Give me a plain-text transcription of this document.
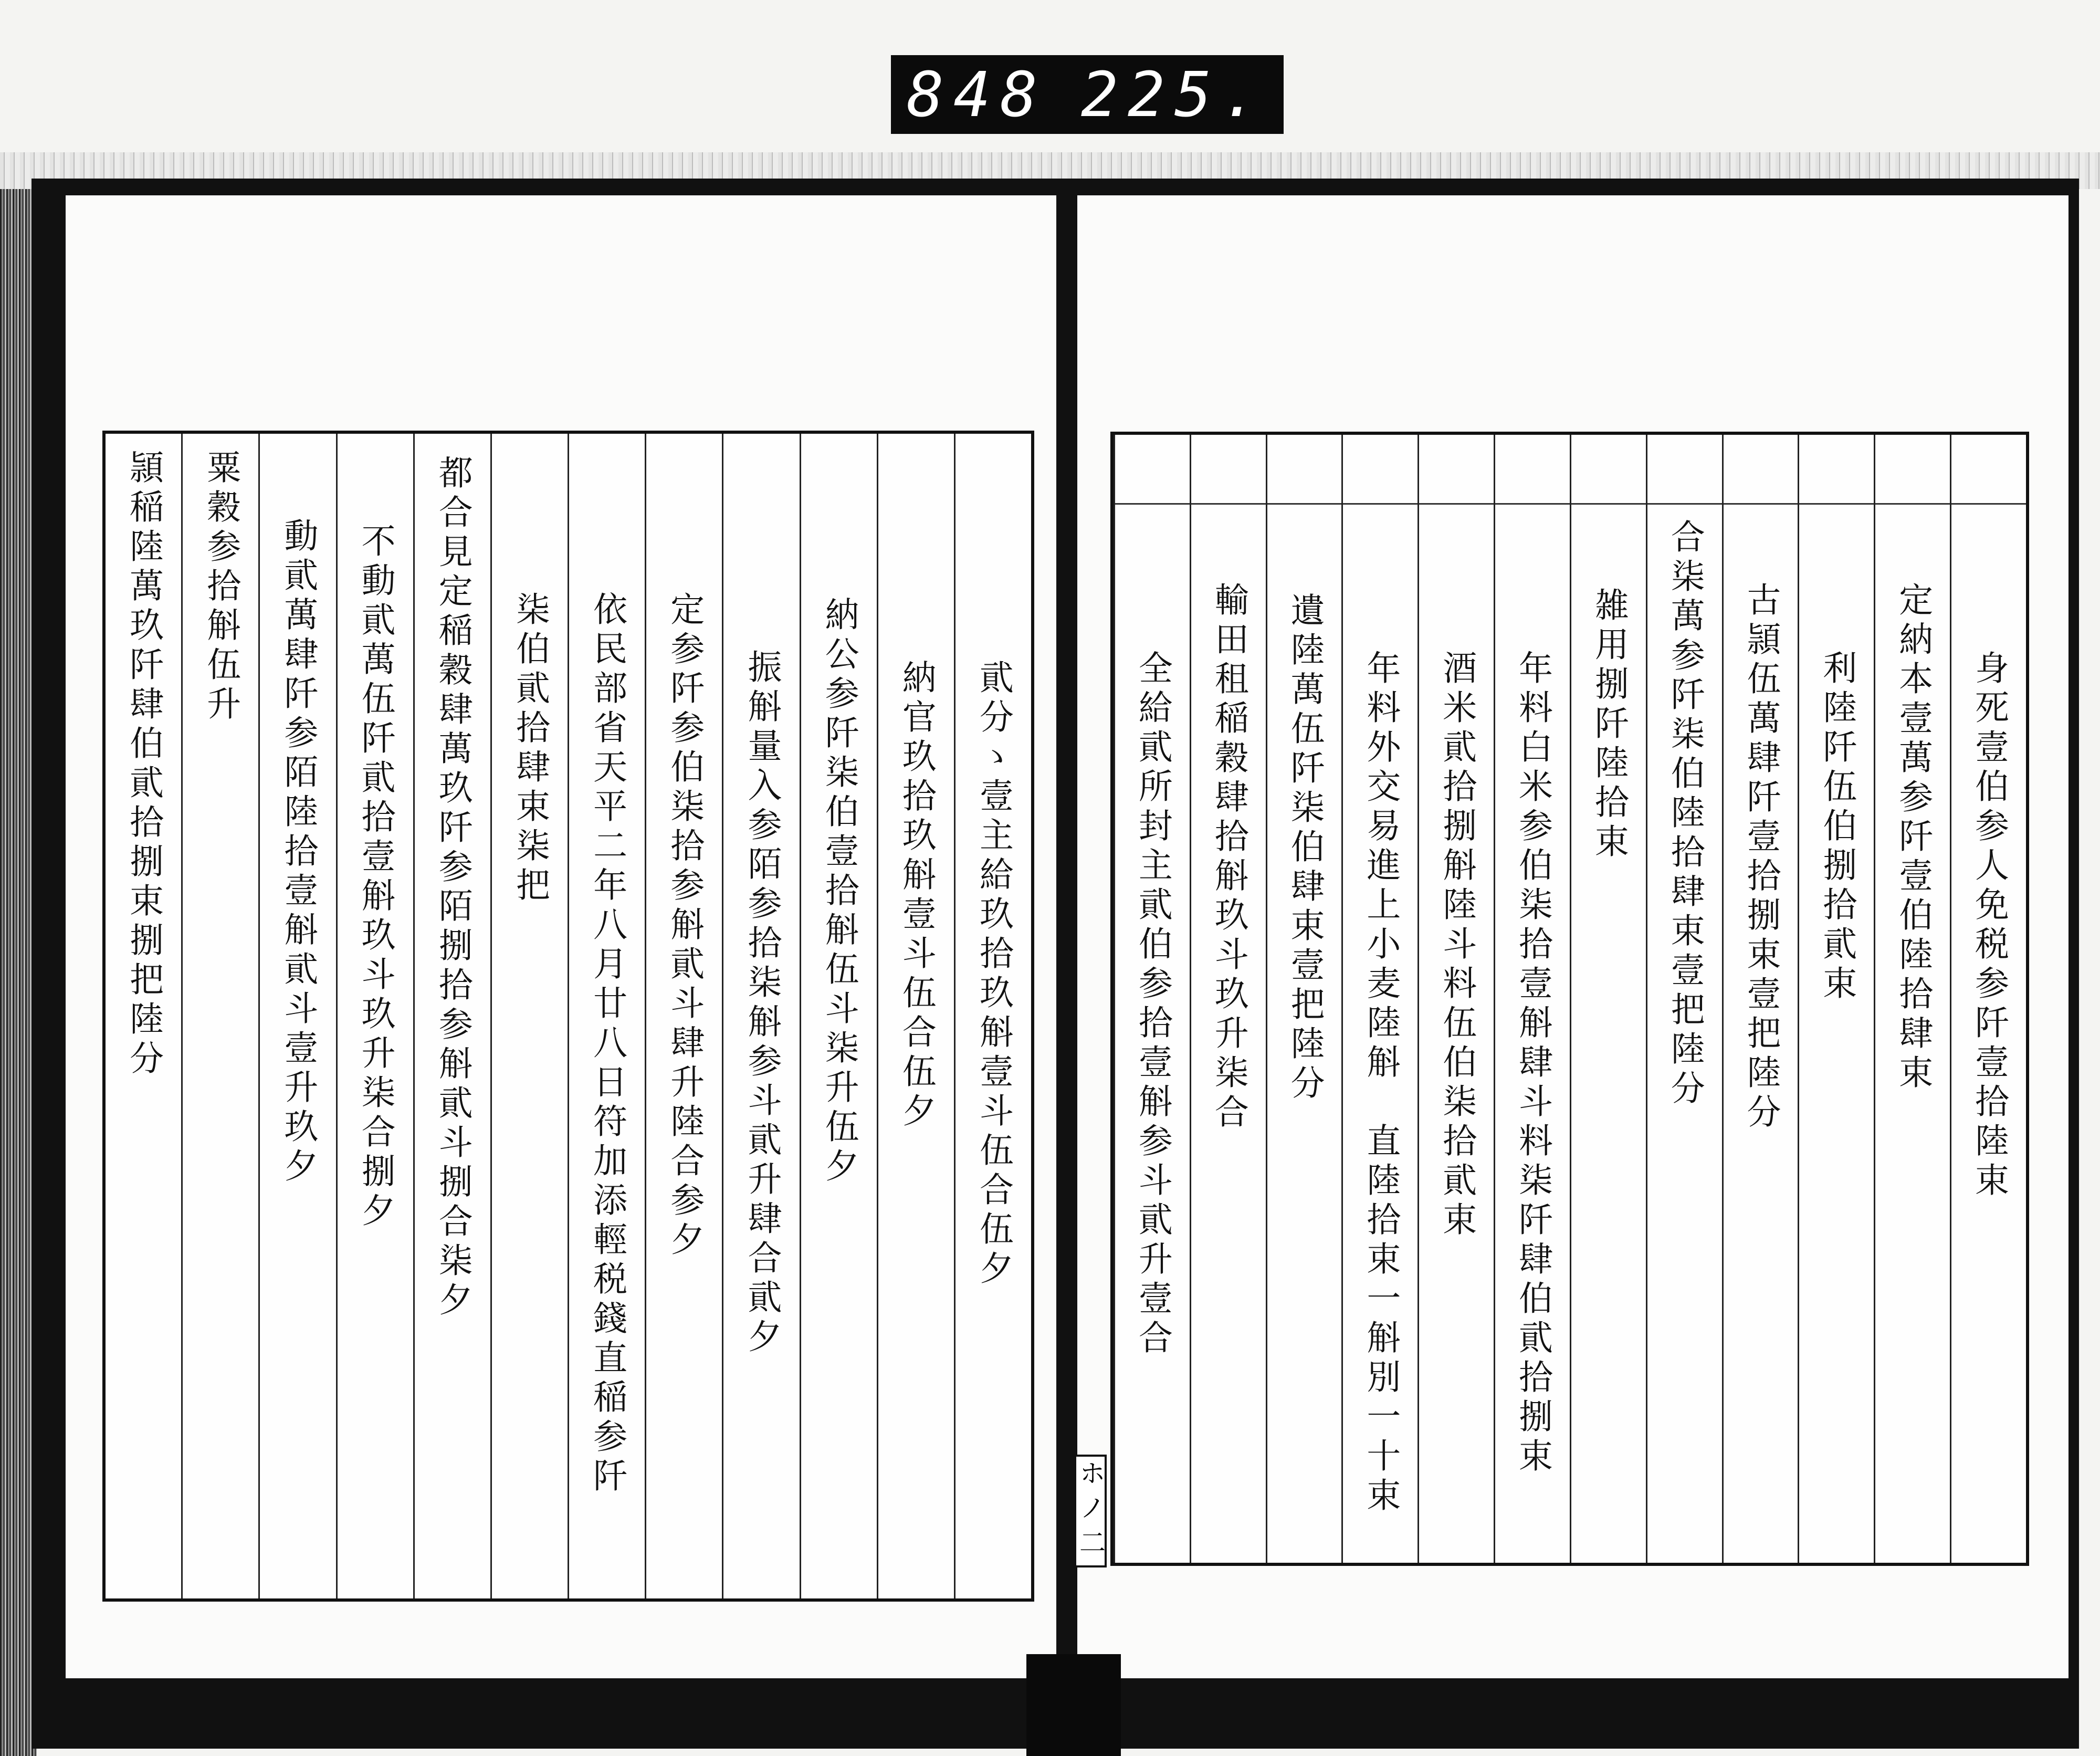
848 225.
頴稲陸萬玖阡肆伯貮拾捌束捌把陸分 粟穀参拾斛伍升 動貮萬肆阡参陌陸拾壹斛貮斗壹升玖夕 不動貮萬伍阡貮拾壹斛玖斗玖升柒合捌夕 都合見定稲穀肆萬玖阡参陌捌拾参斛貮斗捌合柒夕 柒伯貮拾肆束柒把 依民部省天平二年八月廿八日符加添輕税錢直稲参阡 定参阡参伯柒拾参斛貮斗肆升陸合参夕 振斛量入参陌参拾柒斛参斗貮升肆合貮夕 納公参阡柒伯壹拾斛伍斗柒升伍夕 納官玖拾玖斛壹斗伍合伍夕 貮分ゝ壹主給玖拾玖斛壹斗伍合伍夕	全給貮所封主貮伯参拾壹斛参斗貮升壹合 輸田租稲穀肆拾斛玖斗玖升柒合 遺陸萬伍阡柒伯肆束壹把陸分 年料外交易進上小麦陸斛　直陸拾束一斛別一十束 酒米貮拾捌斛陸斗料伍伯柒拾貮束 年料白米参伯柒拾壹斛肆斗料柒阡肆伯貮拾捌束 雑用捌阡陸拾束 合柒萬参阡柒伯陸拾肆束壹把陸分 古頴伍萬肆阡壹拾捌束壹把陸分 利陸阡伍伯捌拾貮束 定納本壹萬参阡壹伯陸拾肆束 身死壹伯参人免税参阡壹拾陸束
ホノ二
